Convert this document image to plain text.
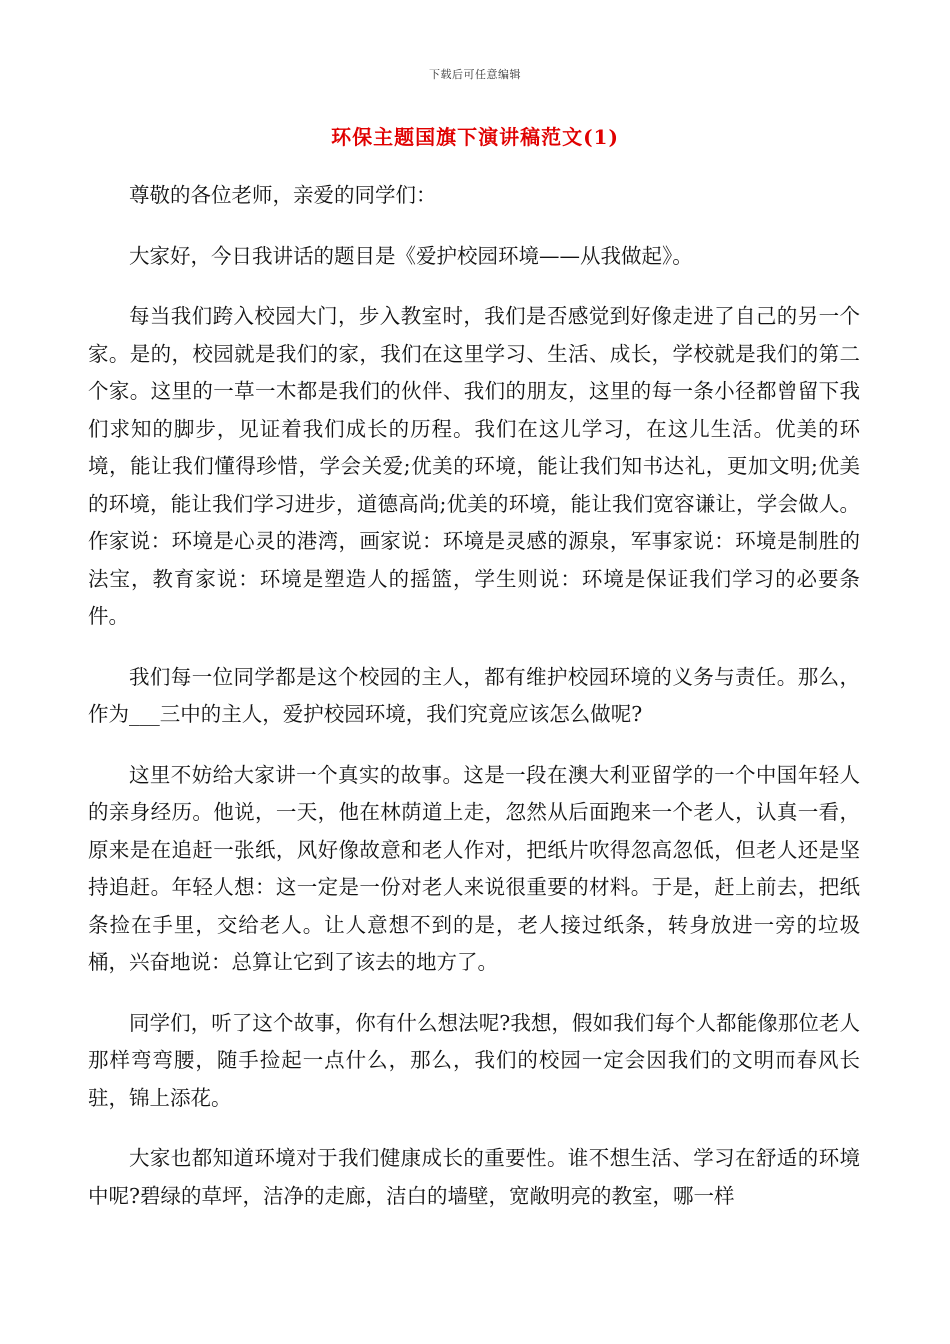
下载后可任意编辑
环保主题国旗下演讲稿范文(1)

尊敬的各位老师，亲爱的同学们：

大家好，今日我讲话的题目是《爱护校园环境——从我做起》。

每当我们跨入校园大门，步入教室时，我们是否感觉到好像走进了自己的另一个家。是的，校园就是我们的家，我们在这里学习、生活、成长，学校就是我们的第二个家。这里的一草一木都是我们的伙伴、我们的朋友，这里的每一条小径都曾留下我们求知的脚步，见证着我们成长的历程。我们在这儿学习，在这儿生活。优美的环境，能让我们懂得珍惜，学会关爱;优美的环境，能让我们知书达礼，更加文明;优美的环境，能让我们学习进步，道德高尚;优美的环境，能让我们宽容谦让，学会做人。作家说：环境是心灵的港湾，画家说：环境是灵感的源泉，军事家说：环境是制胜的法宝，教育家说：环境是塑造人的摇篮，学生则说：环境是保证我们学习的必要条件。

我们每一位同学都是这个校园的主人，都有维护校园环境的义务与责任。那么，作为___三中的主人，爱护校园环境，我们究竟应该怎么做呢?

这里不妨给大家讲一个真实的故事。这是一段在澳大利亚留学的一个中国年轻人的亲身经历。他说，一天，他在林荫道上走，忽然从后面跑来一个老人，认真一看，原来是在追赶一张纸，风好像故意和老人作对，把纸片吹得忽高忽低，但老人还是坚持追赶。年轻人想：这一定是一份对老人来说很重要的材料。于是，赶上前去，把纸条捡在手里，交给老人。让人意想不到的是，老人接过纸条，转身放进一旁的垃圾桶，兴奋地说：总算让它到了该去的地方了。

同学们，听了这个故事，你有什么想法呢?我想，假如我们每个人都能像那位老人那样弯弯腰，随手捡起一点什么，那么，我们的校园一定会因我们的文明而春风长驻，锦上添花。

大家也都知道环境对于我们健康成长的重要性。谁不想生活、学习在舒适的环境中呢?碧绿的草坪，洁净的走廊，洁白的墙壁，宽敞明亮的教室，哪一样
